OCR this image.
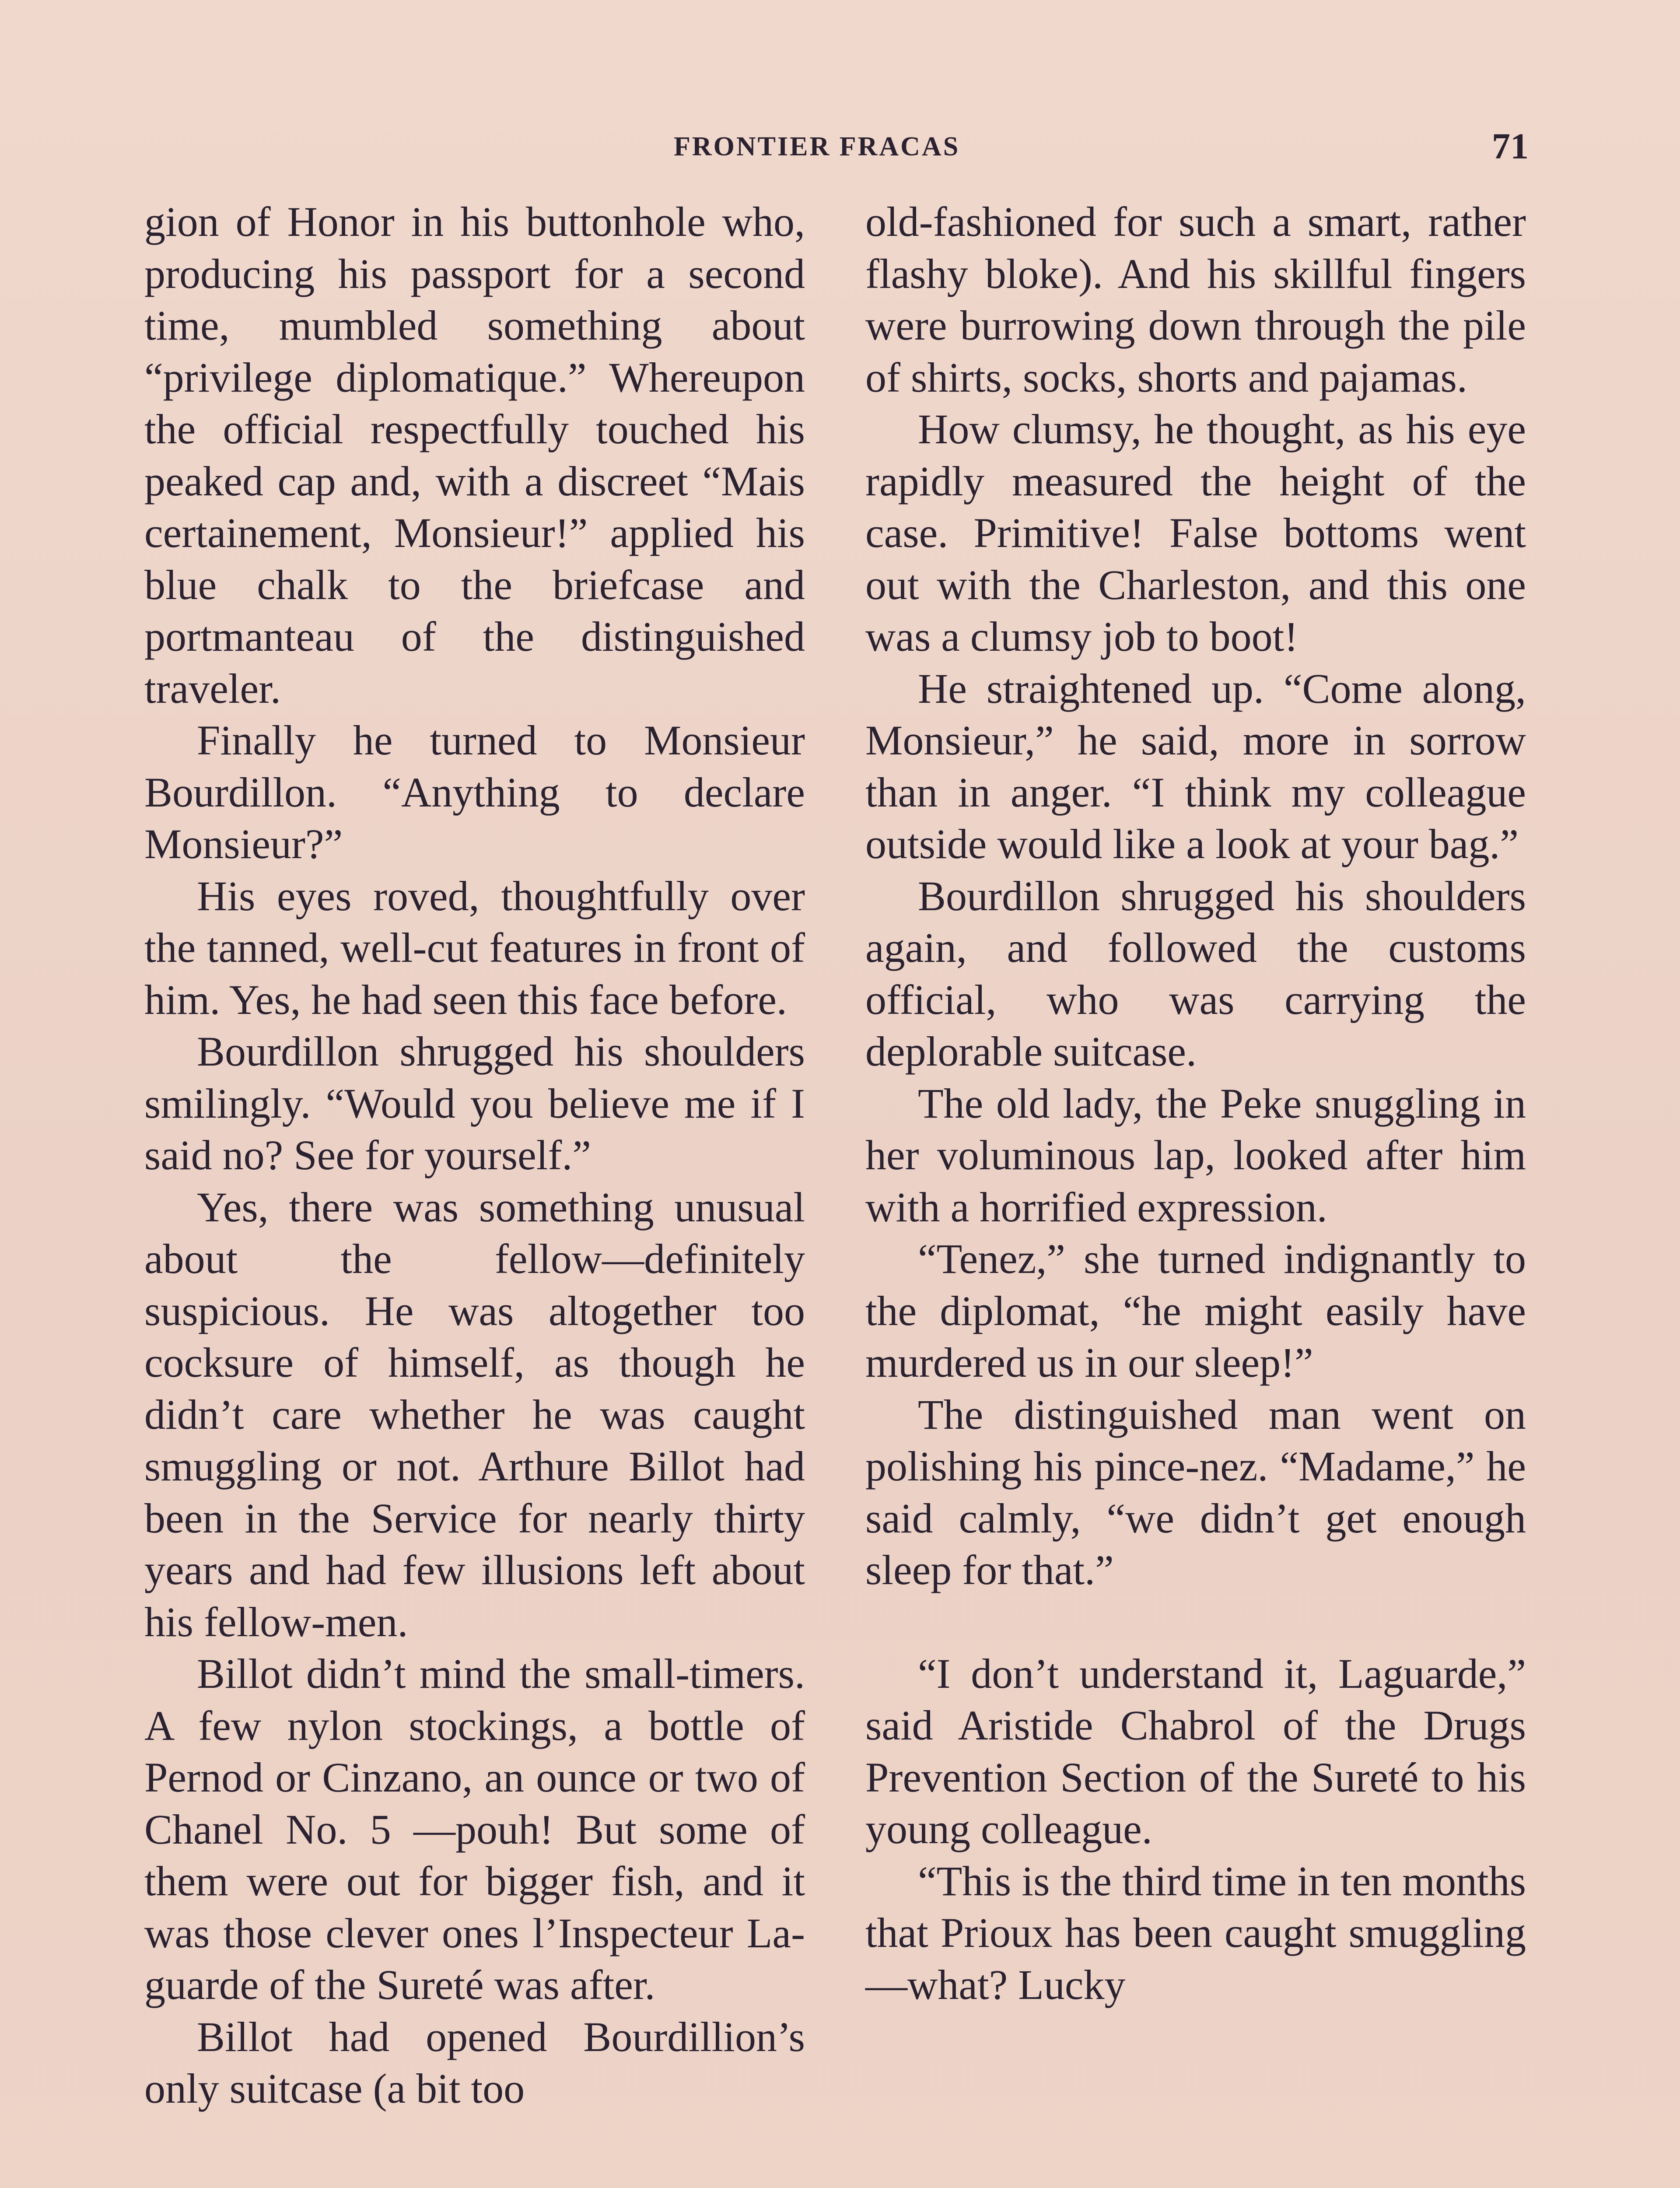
FRONTIER FRACAS	71

gion of Honor in his buttonhole who, producing his passport for a second time, mumbled something about “privilege diplomatique.” Whereupon the official respectfully touched his peaked cap and, with a discreet “Mais certainement, Monsieur!” applied his blue chalk to the briefcase and portmanteau of the distinguished traveler.

Finally he turned to Monsieur Bourdillon. “Anything to declare Monsieur?”

His eyes roved, thoughtfully over the tanned, well-cut features in front of him. Yes, he had seen this face before.

Bourdillon shrugged his shoulders smilingly. “Would you believe me if I said no? See for yourself.”

Yes, there was something unusual about the fellow—definitely suspicious. He was altogether too cocksure of himself, as though he didn’t care whether he was caught smuggling or not. Arthure Billot had been in the Service for nearly thirty years and had few illusions left about his fellow-men.

Billot didn’t mind the small-timers. A few nylon stockings, a bottle of Pernod or Cinzano, an ounce or two of Chanel No. 5 —pouh! But some of them were out for bigger fish, and it was those clever ones l’Inspecteur Laguarde of the Sureté was after.

Billot had opened Bourdillion’s only suitcase (a bit too

old-fashioned for such a smart, rather flashy bloke). And his skillful fingers were burrowing down through the pile of shirts, socks, shorts and pajamas.

How clumsy, he thought, as his eye rapidly measured the height of the case. Primitive! False bottoms went out with the Charleston, and this one was a clumsy job to boot!

He straightened up. “Come along, Monsieur,” he said, more in sorrow than in anger. “I think my colleague outside would like a look at your bag.”

Bourdillon shrugged his shoulders again, and followed the customs official, who was carrying the deplorable suitcase.

The old lady, the Peke snuggling in her voluminous lap, looked after him with a horrified expression.

“Tenez,” she turned indignantly to the diplomat, “he might easily have murdered us in our sleep!”

The distinguished man went on polishing his pince-nez. “Madame,” he said calmly, “we didn’t get enough sleep for that.”

“I don’t understand it, Laguarde,” said Aristide Chabrol of the Drugs Prevention Section of the Sureté to his young colleague.

“This is the third time in ten months that Prioux has been caught smuggling—what? Lucky
